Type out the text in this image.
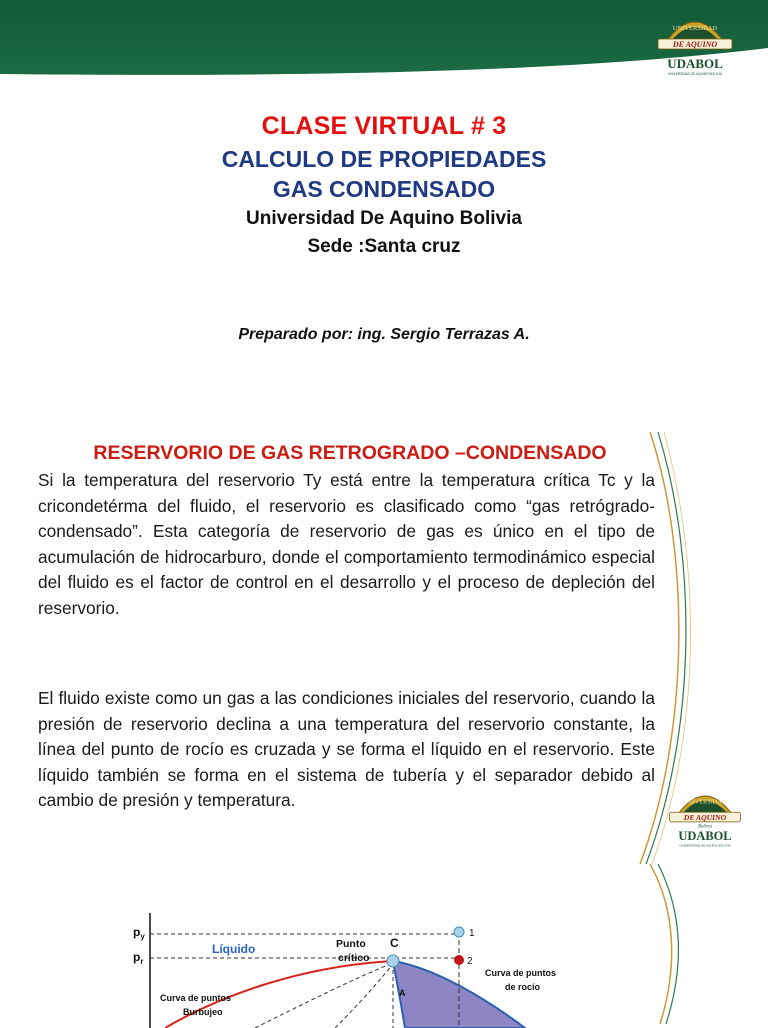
UNIVERSIDAD
DE AQUINO
Bolivia
UDABOL
UNIVERSIDAD DE AQUINO BOLIVIA
CLASE VIRTUAL # 3
CALCULO DE PROPIEDADES
GAS CONDENSADO
Universidad De Aquino Bolivia
Sede :Santa cruz
Preparado por: ing. Sergio Terrazas A.
RESERVORIO DE GAS RETROGRADO –CONDENSADO
Si la temperatura del reservorio Ty está entre la temperatura crítica Tc y la cricondetérma del fluido, el reservorio es clasificado como “gas retrógrado-condensado”. Esta categoría de reservorio de gas es único en el tipo de acumulación de hidrocarburo, donde el comportamiento termodinámico especial del fluido es el factor de control en el desarrollo y el proceso de depleción del reservorio.
El fluido existe como un gas a las condiciones iniciales del reservorio, cuando la presión de reservorio declina a una temperatura del reservorio constante, la línea del punto de rocío es cruzada y se forma el líquido en el reservorio. Este líquido también se forma en el sistema de tubería y el separador debido al cambio de presión y temperatura.	UNIVERSIDAD
DE AQUINO
Bolivia
UDABOL
UNIVERSIDAD DE AQUINO BOLIVIA
$p_y$
$p_r$
Líquido	Punto
crítico
C
1
2
A
Curva de puntos
Burbujeo
Curva de puntos
de rocío
